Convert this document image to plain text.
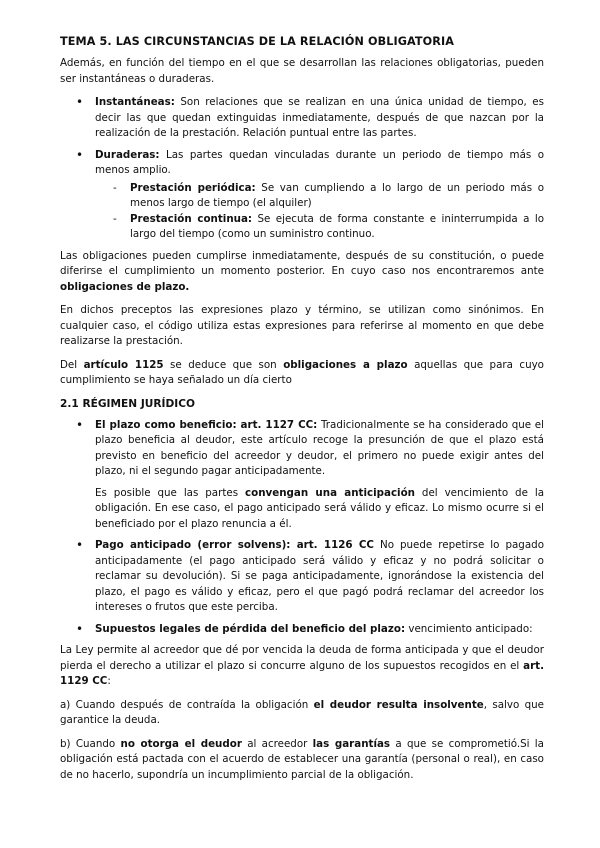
TEMA 5. LAS CIRCUNSTANCIAS DE LA RELACIÓN OBLIGATORIA

Además, en función del tiempo en el que se desarrollan las relaciones obligatorias, pueden ser instantáneas o duraderas.

• Instantáneas: Son relaciones que se realizan en una única unidad de tiempo, es decir las que quedan extinguidas inmediatamente, después de que nazcan por la realización de la prestación. Relación puntual entre las partes.
• Duraderas: Las partes quedan vinculadas durante un periodo de tiempo más o menos amplio.
- Prestación periódica: Se van cumpliendo a lo largo de un periodo más o menos largo de tiempo (el alquiler)
- Prestación continua: Se ejecuta de forma constante e ininterrumpida a lo largo del tiempo (como un suministro continuo.

Las obligaciones pueden cumplirse inmediatamente, después de su constitución, o puede diferirse el cumplimiento un momento posterior. En cuyo caso nos encontraremos ante obligaciones de plazo.

En dichos preceptos las expresiones plazo y término, se utilizan como sinónimos. En cualquier caso, el código utiliza estas expresiones para referirse al momento en que debe realizarse la prestación.

Del artículo 1125 se deduce que son obligaciones a plazo aquellas que para cuyo cumplimiento se haya señalado un día cierto

2.1 RÉGIMEN JURÍDICO
• El plazo como beneficio: art. 1127 CC: Tradicionalmente se ha considerado que el plazo beneficia al deudor, este artículo recoge la presunción de que el plazo está previsto en beneficio del acreedor y deudor, el primero no puede exigir antes del plazo, ni el segundo pagar anticipadamente.

Es posible que las partes convengan una anticipación del vencimiento de la obligación. En ese caso, el pago anticipado será válido y eficaz. Lo mismo ocurre si el beneficiado por el plazo renuncia a él.

• Pago anticipado (error solvens): art. 1126 CC No puede repetirse lo pagado anticipadamente (el pago anticipado será válido y eficaz y no podrá solicitar o reclamar su devolución). Si se paga anticipadamente, ignorándose la existencia del plazo, el pago es válido y eficaz, pero el que pagó podrá reclamar del acreedor los intereses o frutos que este perciba.
• Supuestos legales de pérdida del beneficio del plazo: vencimiento anticipado:

La Ley permite al acreedor que dé por vencida la deuda de forma anticipada y que el deudor pierda el derecho a utilizar el plazo si concurre alguno de los supuestos recogidos en el art. 1129 CC:

a) Cuando después de contraída la obligación el deudor resulta insolvente, salvo que garantice la deuda.

b) Cuando no otorga el deudor al acreedor las garantías a que se comprometió.Si la obligación está pactada con el acuerdo de establecer una garantía (personal o real), en caso de no hacerlo, supondría un incumplimiento parcial de la obligación.
